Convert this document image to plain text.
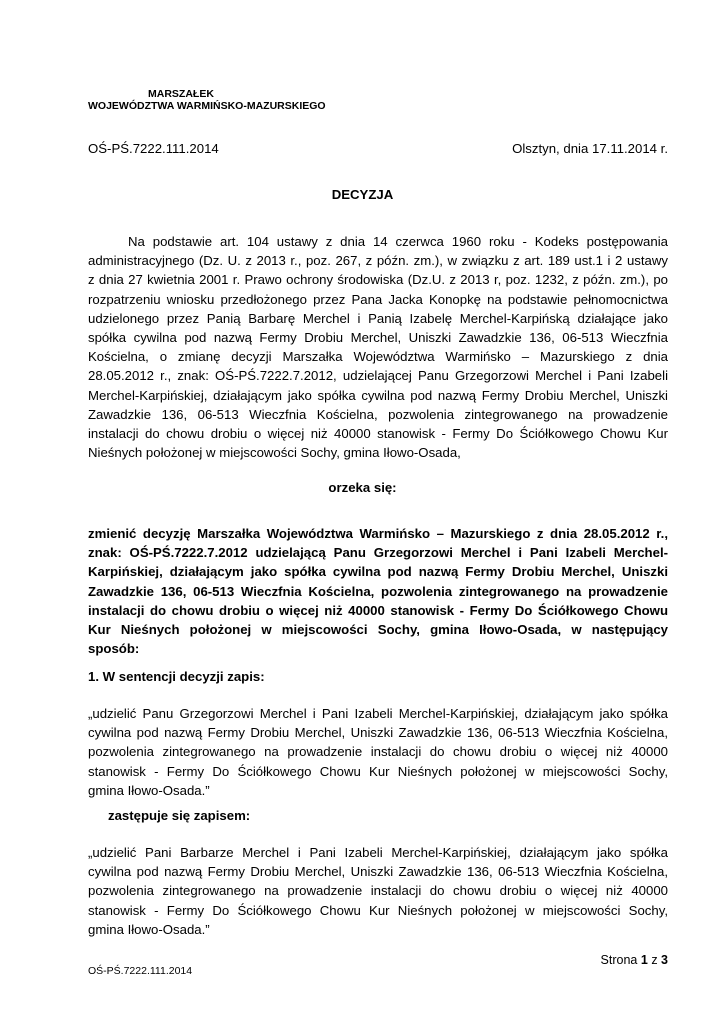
MARSZAŁEK
WOJEWÓDZTWA WARMIŃSKO-MAZURSKIEGO
OŚ-PŚ.7222.111.2014	Olsztyn, dnia 17.11.2014 r.
DECYZJA
Na podstawie art. 104 ustawy z dnia 14 czerwca 1960 roku - Kodeks postępowania
administracyjnego (Dz. U. z 2013 r., poz. 267, z późn. zm.), w związku z art. 189 ust.1 i 2 ustawy
z dnia 27 kwietnia 2001 r. Prawo ochrony środowiska (Dz.U. z 2013 r, poz. 1232, z późn. zm.), po
rozpatrzeniu wniosku przedłożonego przez Pana Jacka Konopkę na podstawie pełnomocnictwa
udzielonego przez Panią Barbarę Merchel i Panią Izabelę Merchel-Karpińską działające jako
spółka cywilna pod nazwą Fermy Drobiu Merchel, Uniszki Zawadzkie 136, 06-513 Wieczfnia
Kościelna, o zmianę decyzji Marszałka Województwa Warmińsko – Mazurskiego z dnia
28.05.2012 r., znak: OŚ-PŚ.7222.7.2012, udzielającej Panu Grzegorzowi Merchel i Pani Izabeli
Merchel-Karpińskiej, działającym jako spółka cywilna pod nazwą Fermy Drobiu Merchel, Uniszki
Zawadzkie 136, 06-513 Wieczfnia Kościelna, pozwolenia zintegrowanego na prowadzenie
instalacji do chowu drobiu o więcej niż 40000 stanowisk - Fermy Do Ściółkowego Chowu Kur
Nieśnych położonej w miejscowości Sochy, gmina Iłowo-Osada,
orzeka się:
zmienić decyzję Marszałka Województwa Warmińsko – Mazurskiego z dnia 28.05.2012 r.,
znak: OŚ-PŚ.7222.7.2012 udzielającą Panu Grzegorzowi Merchel i Pani Izabeli Merchel-
Karpińskiej, działającym jako spółka cywilna pod nazwą Fermy Drobiu Merchel, Uniszki
Zawadzkie 136, 06-513 Wieczfnia Kościelna, pozwolenia zintegrowanego na prowadzenie
instalacji do chowu drobiu o więcej niż 40000 stanowisk - Fermy Do Ściółkowego Chowu
Kur Nieśnych położonej w miejscowości Sochy, gmina Iłowo-Osada, w następujący
sposób:
1. W sentencji decyzji zapis:
„udzielić Panu Grzegorzowi Merchel i Pani Izabeli Merchel-Karpińskiej, działającym jako spółka
cywilna pod nazwą Fermy Drobiu Merchel, Uniszki Zawadzkie 136, 06-513 Wieczfnia Kościelna,
pozwolenia zintegrowanego na prowadzenie instalacji do chowu drobiu o więcej niż 40000
stanowisk - Fermy Do Ściółkowego Chowu Kur Nieśnych położonej w miejscowości Sochy,
gmina Iłowo-Osada.”
zastępuje się zapisem:
„udzielić Pani Barbarze Merchel i Pani Izabeli Merchel-Karpińskiej, działającym jako spółka
cywilna pod nazwą Fermy Drobiu Merchel, Uniszki Zawadzkie 136, 06-513 Wieczfnia Kościelna,
pozwolenia zintegrowanego na prowadzenie instalacji do chowu drobiu o więcej niż 40000
stanowisk - Fermy Do Ściółkowego Chowu Kur Nieśnych położonej w miejscowości Sochy,
gmina Iłowo-Osada.”
Strona 1 z 3
OŚ-PŚ.7222.111.2014
